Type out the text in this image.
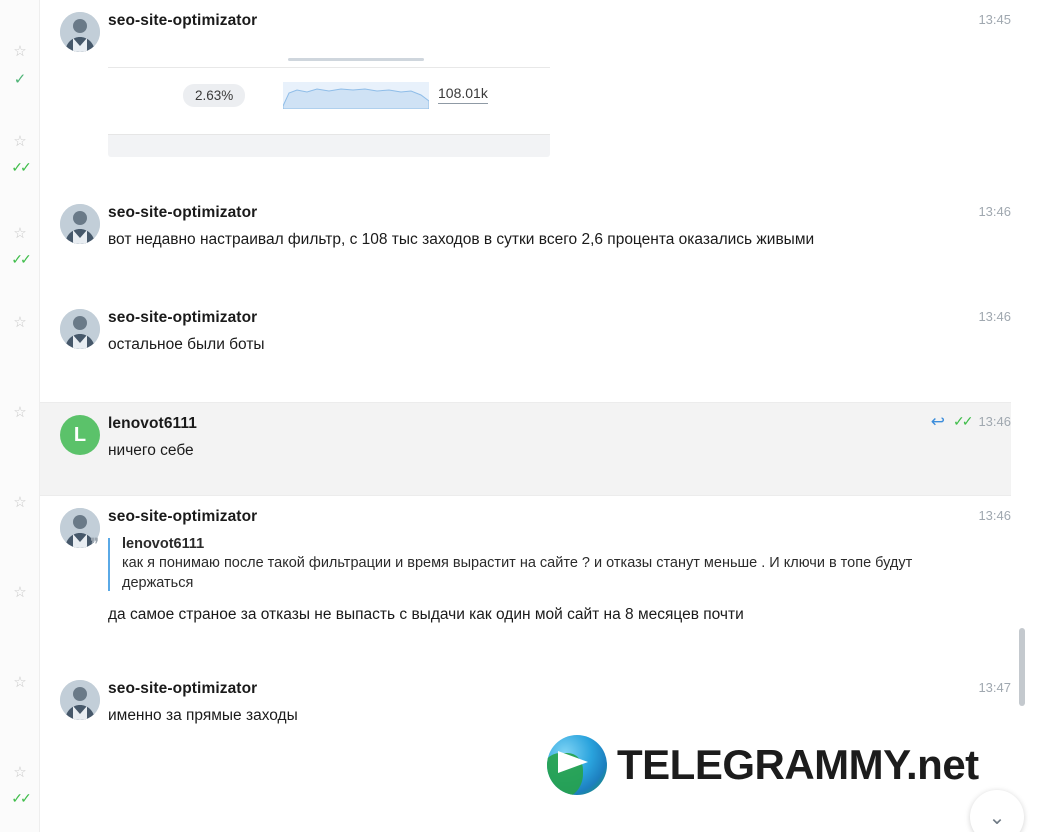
☆
✓
☆
✓✓
☆
✓✓
☆
☆
☆
☆
☆
☆
✓✓
seo-site-optimizator	13:45
2.63%	108.01k
seo-site-optimizator	13:46
вот недавно настраивал фильтр, с 108 тыс заходов в сутки всего 2,6 процента оказались живыми
seo-site-optimizator	13:46
остальное были боты
L	lenovot6111	↩ ✓✓ 13:46
ничего себе
seo-site-optimizator	13:46
❞ lenovot6111
как я понимаю после такой фильтрации и время вырастит на сайте ? и отказы станут меньше . И ключи в топе будут держаться
да самое страное за отказы не выпасть с выдачи как один мой сайт на 8 месяцев почти
seo-site-optimizator	13:47
именно за прямые заходы
TELEGRAMMY.net
⌄
